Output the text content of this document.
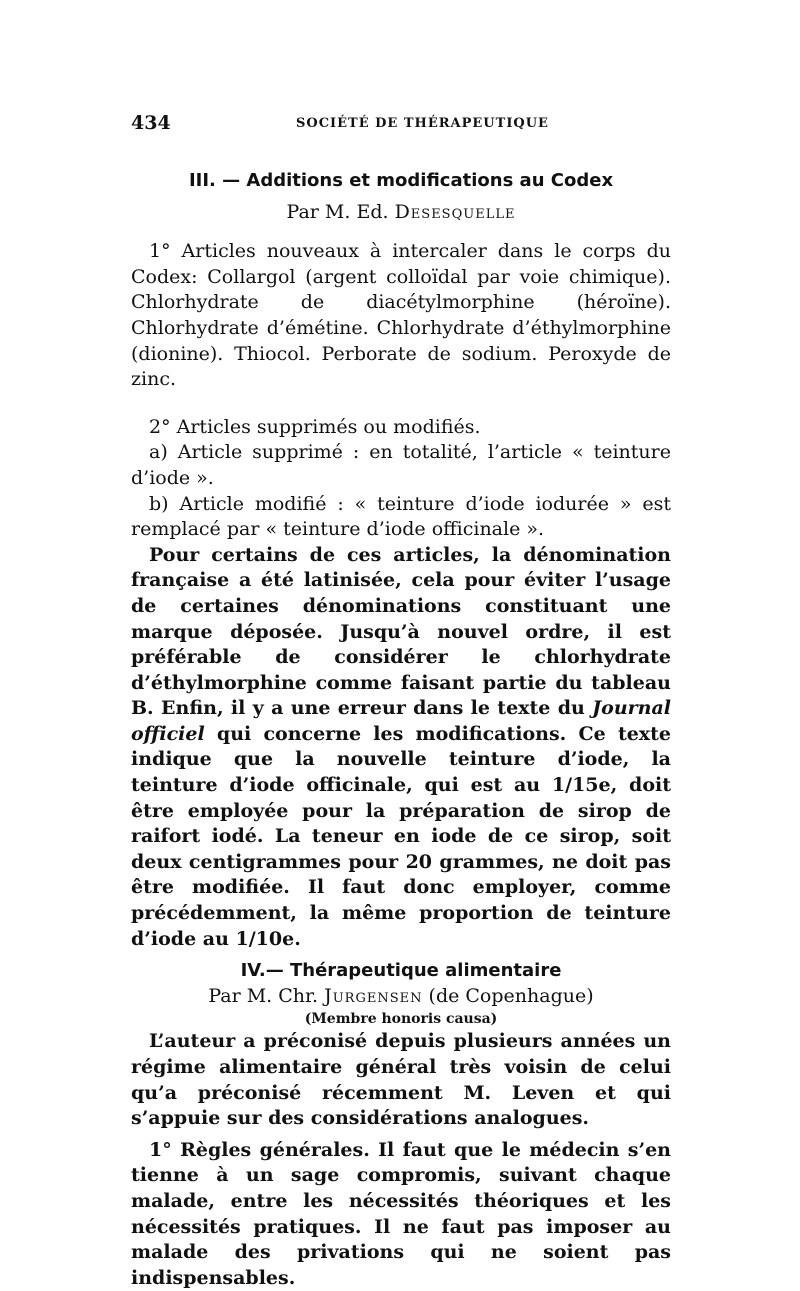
434	SOCIÉTÉ DE THÉRAPEUTIQUE

III. — Additions et modifications au Codex

Par M. Ed. Desesquelle

1° Articles nouveaux à intercaler dans le corps du Codex: Collargol (argent colloïdal par voie chimique). Chlorhydrate de diacétylmorphine (héroïne). Chlorhydrate d’émétine. Chlorhydrate d’éthylmorphine (dionine). Thiocol. Perborate de sodium. Peroxyde de zinc.

2° Articles supprimés ou modifiés.

a) Article supprimé : en totalité, l’article « teinture d’iode ».

b) Article modifié : « teinture d’iode iodurée » est remplacé par « teinture d’iode officinale ».

Pour certains de ces articles, la dénomination française a été latinisée, cela pour éviter l’usage de certaines dénominations constituant une marque déposée. Jusqu’à nouvel ordre, il est préférable de considérer le chlorhydrate d’éthylmorphine comme faisant partie du tableau B. Enfin, il y a une erreur dans le texte du Journal officiel qui concerne les modifications. Ce texte indique que la nouvelle teinture d’iode, la teinture d’iode officinale, qui est au 1/15e, doit être employée pour la préparation de sirop de raifort iodé. La teneur en iode de ce sirop, soit deux centigrammes pour 20 grammes, ne doit pas être modifiée. Il faut donc employer, comme précédemment, la même proportion de teinture d’iode au 1/10e.

IV.— Thérapeutique alimentaire

Par M. Chr. Jurgensen (de Copenhague)

(Membre honoris causa)

L’auteur a préconisé depuis plusieurs années un régime alimentaire général très voisin de celui qu’a préconisé récemment M. Leven et qui s’appuie sur des considérations analogues.

1° Règles générales. Il faut que le médecin s’en tienne à un sage compromis, suivant chaque malade, entre les nécessités théoriques et les nécessités pratiques. Il ne faut pas imposer au malade des privations qui ne soient pas indispensables.
